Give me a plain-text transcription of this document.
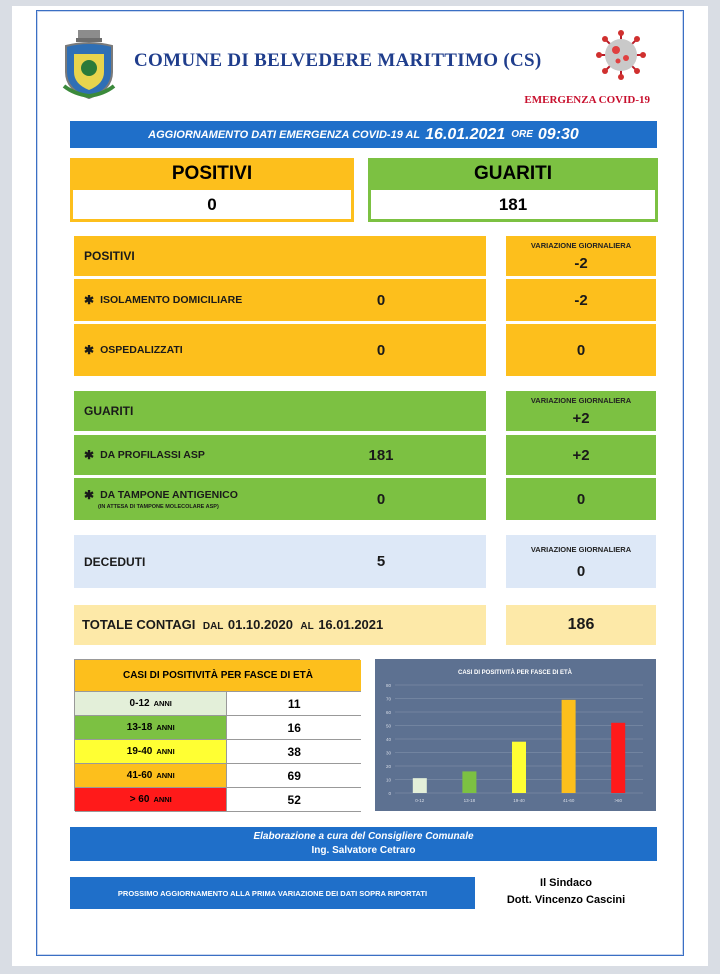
COMUNE DI BELVEDERE MARITTIMO (CS)
EMERGENZA COVID-19
AGGIORNAMENTO DATI EMERGENZA COVID-19 AL 16.01.2021 ORE 09:30
POSITIVI
0
GUARITI
181
POSITIVI
VARIAZIONE GIORNALIERA
-2
✱ ISOLAMENTO DOMICILIARE	0	-2
✱ OSPEDALIZZATI	0	0
GUARITI
VARIAZIONE GIORNALIERA
+2
✱ DA PROFILASSI ASP	181	+2
✱ DA TAMPONE ANTIGENICO
(IN ATTESA DI TAMPONE MOLECOLARE ASP)	0	0
DECEDUTI	5
VARIAZIONE GIORNALIERA
0
TOTALE CONTAGI DAL 01.10.2020 AL 16.01.2021	186
CASI DI POSITIVITÀ PER FASCE DI ETÀ
0-12 ANNI	11
13-18 ANNI	16
19-40 ANNI	38
41-60 ANNI	69
> 60 ANNI	52
CASI DI POSITIVITÀ PER FASCE DI ETÀ
0
10
20
30
40
50
60
70
80
0-12	13-18	19-40	41-60	>60
Elaborazione a cura del Consigliere Comunale
Ing. Salvatore Cetraro
PROSSIMO AGGIORNAMENTO ALLA PRIMA VARIAZIONE DEI DATI SOPRA RIPORTATI
Il Sindaco
Dott. Vincenzo Cascini
